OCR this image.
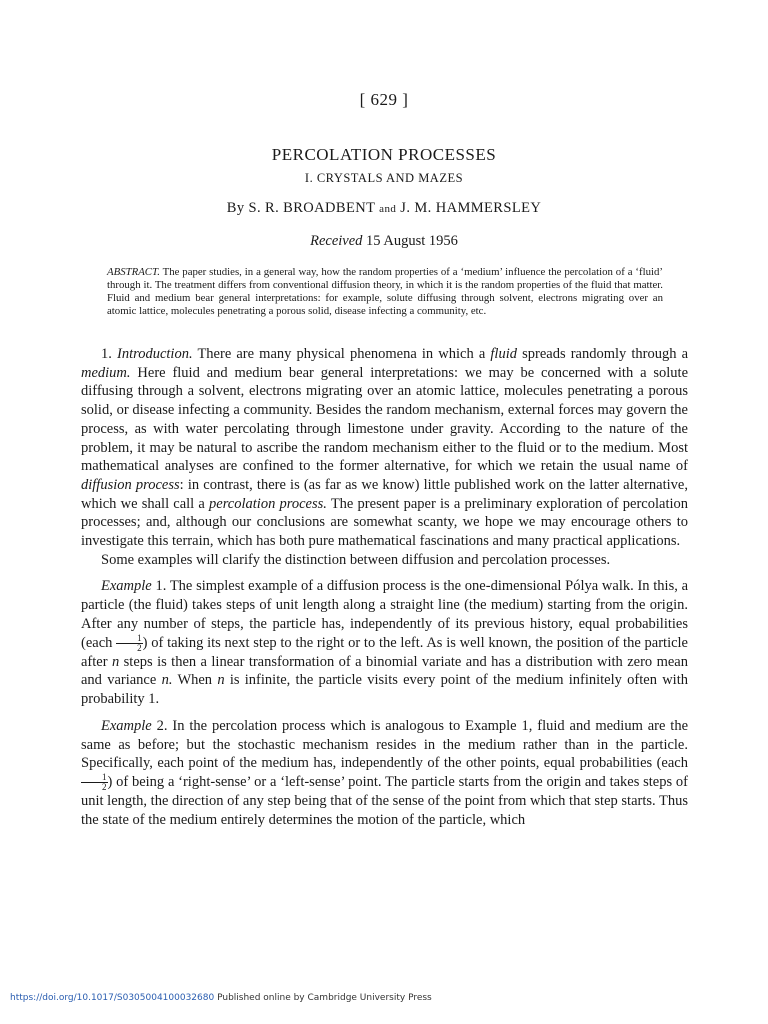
[ 629 ]
PERCOLATION PROCESSES
I. CRYSTALS AND MAZES
By S. R. BROADBENT and J. M. HAMMERSLEY
Received 15 August 1956
ABSTRACT. The paper studies, in a general way, how the random properties of a ‘medium’ influence the percolation of a ‘fluid’ through it. The treatment differs from conventional diffusion theory, in which it is the random properties of the fluid that matter. Fluid and medium bear general interpretations: for example, solute diffusing through solvent, electrons migrating over an atomic lattice, molecules penetrating a porous solid, disease infecting a community, etc.

1. Introduction. There are many physical phenomena in which a fluid spreads randomly through a medium. Here fluid and medium bear general interpretations: we may be concerned with a solute diffusing through a solvent, electrons migrating over an atomic lattice, molecules penetrating a porous solid, or disease infecting a community. Besides the random mechanism, external forces may govern the process, as with water percolating through limestone under gravity. According to the nature of the problem, it may be natural to ascribe the random mechanism either to the fluid or to the medium. Most mathematical analyses are confined to the former alternative, for which we retain the usual name of diffusion process: in contrast, there is (as far as we know) little published work on the latter alternative, which we shall call a percolation process. The present paper is a preliminary exploration of percolation processes; and, although our conclusions are somewhat scanty, we hope we may encourage others to investigate this terrain, which has both pure mathematical fascinations and many practical applications.

Some examples will clarify the distinction between diffusion and percolation processes.

Example 1. The simplest example of a diffusion process is the one-dimensional Pólya walk. In this, a particle (the fluid) takes steps of unit length along a straight line (the medium) starting from the origin. After any number of steps, the particle has, independently of its previous history, equal probabilities (each $\frac{1}{2}$ ) of taking its next step to the right or to the left. As is well known, the position of the particle after n steps is then a linear transformation of a binomial variate and has a distribution with zero mean and variance n. When n is infinite, the particle visits every point of the medium infinitely often with probability 1.

Example 2. In the percolation process which is analogous to Example 1, fluid and medium are the same as before; but the stochastic mechanism resides in the medium rather than in the particle. Specifically, each point of the medium has, independently of the other points, equal probabilities (each
$\frac{1}{2}$ ) of being a ‘right-sense’ or a ‘left-sense’ point. The particle starts from the origin and takes steps of unit length, the direction of any step being that of the sense of the point from which that step starts. Thus the state of the medium entirely determines the motion of the particle, which

https://doi.org/10.1017/S0305004100032680 Published online by Cambridge University Press
